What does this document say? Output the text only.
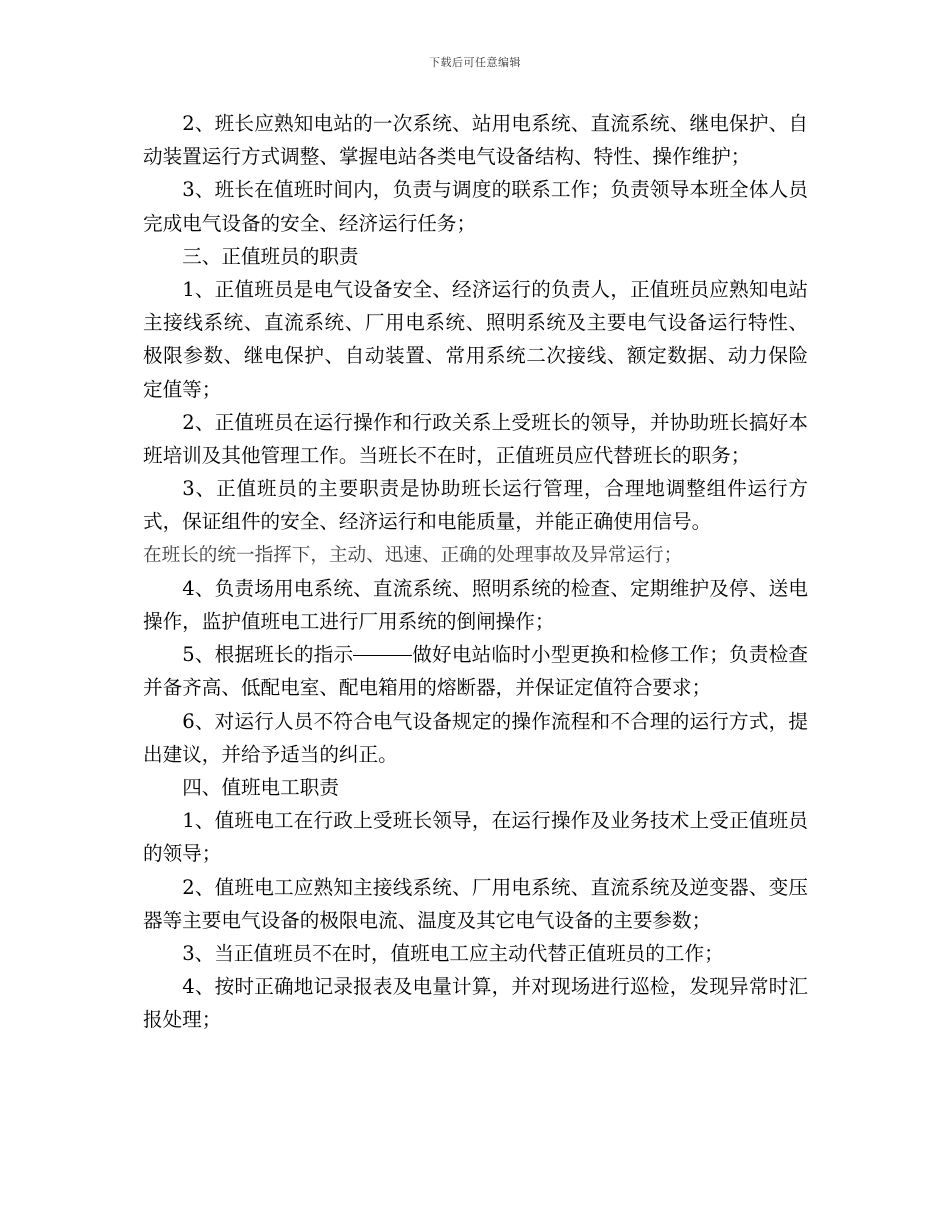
下载后可任意编辑

2、班长应熟知电站的一次系统、站用电系统、直流系统、继电保护、自动装置运行方式调整、掌握电站各类电气设备结构、特性、操作维护；

3、班长在值班时间内，负责与调度的联系工作；负责领导本班全体人员完成电气设备的安全、经济运行任务；

三、正值班员的职责

1、正值班员是电气设备安全、经济运行的负责人，正值班员应熟知电站主接线系统、直流系统、厂用电系统、照明系统及主要电气设备运行特性、极限参数、继电保护、自动装置、常用系统二次接线、额定数据、动力保险定值等；

2、正值班员在运行操作和行政关系上受班长的领导，并协助班长搞好本班培训及其他管理工作。当班长不在时，正值班员应代替班长的职务；

3、正值班员的主要职责是协助班长运行管理，合理地调整组件运行方式，保证组件的安全、经济运行和电能质量，并能正确使用信号。

在班长的统一指挥下，主动、迅速、正确的处理事故及异常运行；

4、负责场用电系统、直流系统、照明系统的检查、定期维护及停、送电操作，监护值班电工进行厂用系统的倒闸操作；

5、根据班长的指示	做好电站临时小型更换和检修工作；负责检查并备齐高、低配电室、配电箱用的熔断器，并保证定值符合要求；

6、对运行人员不符合电气设备规定的操作流程和不合理的运行方式，提出建议，并给予适当的纠正。

四、值班电工职责

1、值班电工在行政上受班长领导，在运行操作及业务技术上受正值班员的领导；

2、值班电工应熟知主接线系统、厂用电系统、直流系统及逆变器、变压器等主要电气设备的极限电流、温度及其它电气设备的主要参数；

3、当正值班员不在时，值班电工应主动代替正值班员的工作；

4、按时正确地记录报表及电量计算，并对现场进行巡检，发现异常时汇报处理；
